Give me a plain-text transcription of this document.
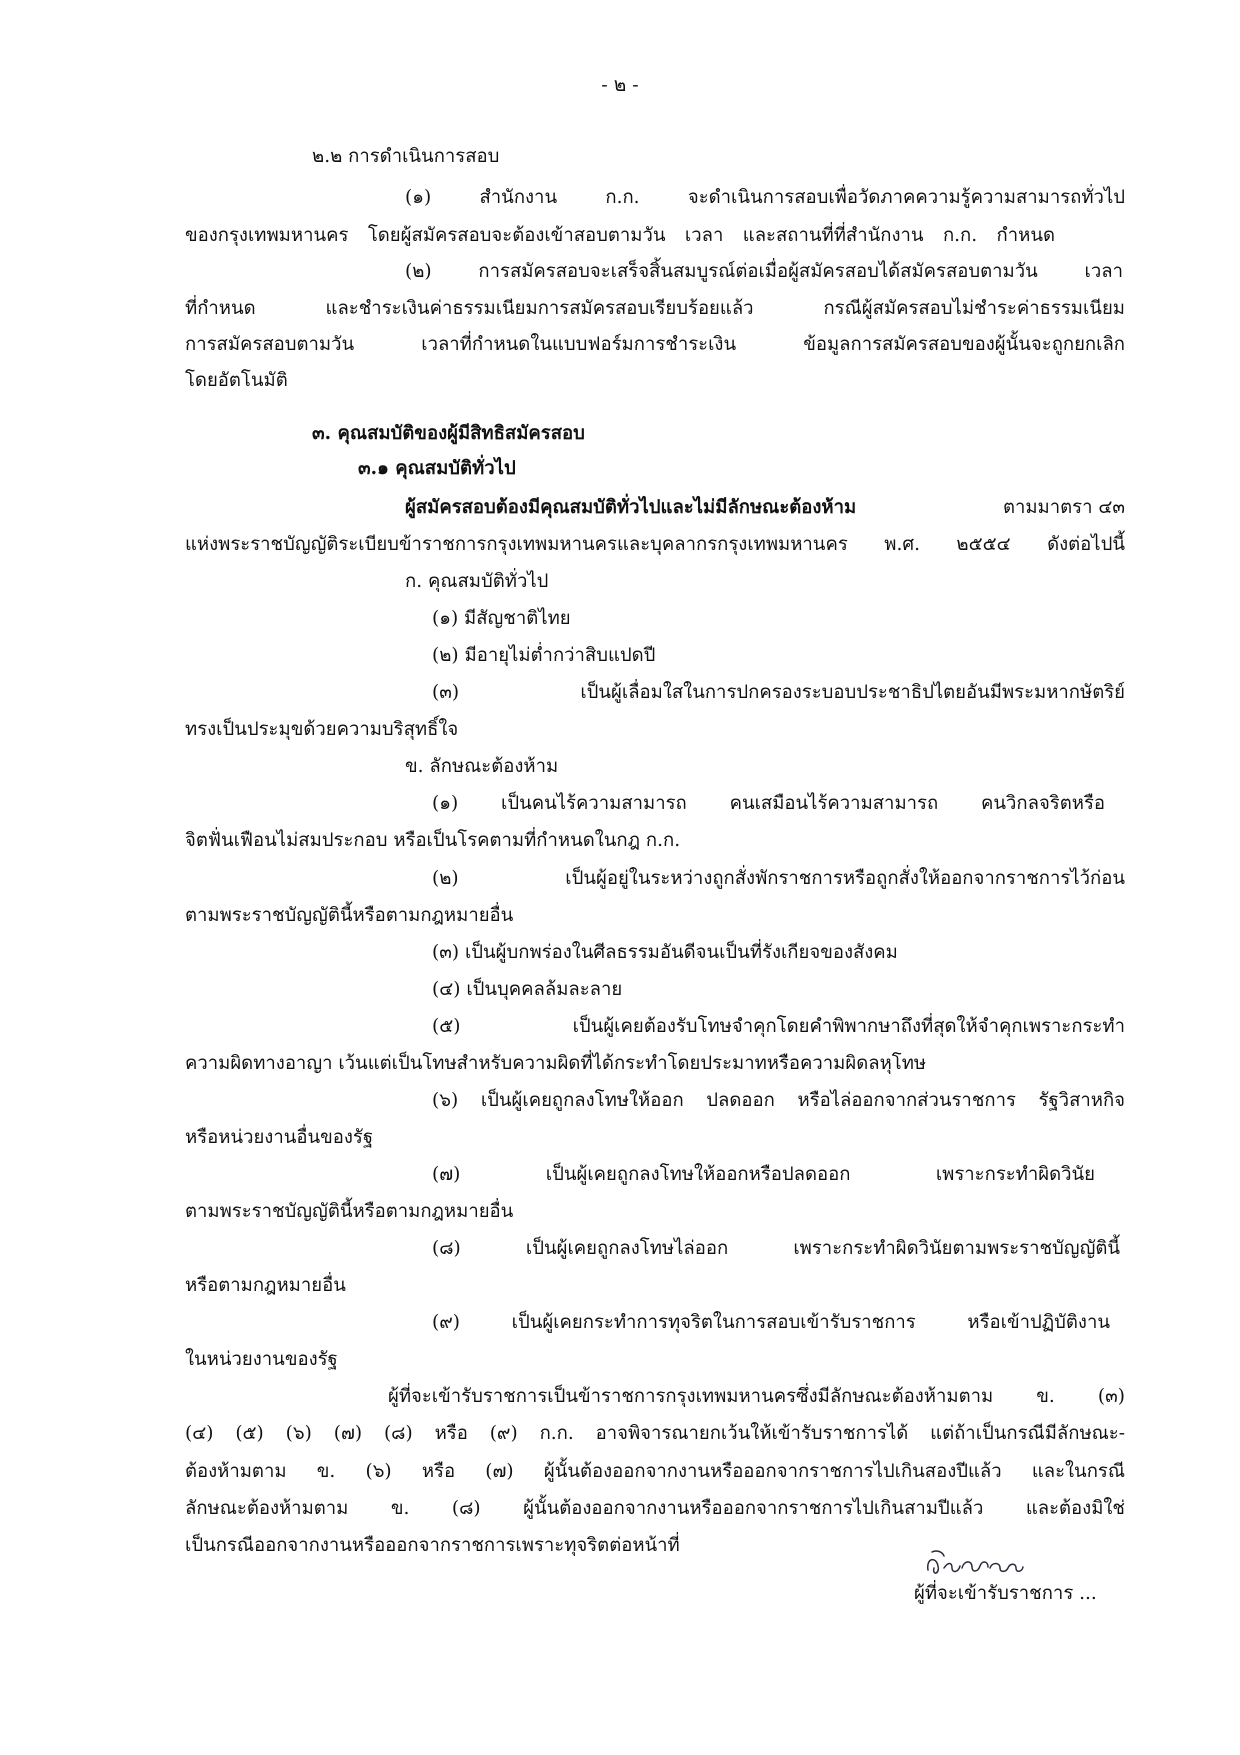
- ๒ -
๒.๒ การดำเนินการสอบ
(๑) สำนักงาน ก.ก. จะดำเนินการสอบเพื่อวัดภาคความรู้ความสามารถทั่วไป
ของกรุงเทพมหานคร โดยผู้สมัครสอบจะต้องเข้าสอบตามวัน เวลา และสถานที่ที่สำนักงาน ก.ก. กำหนด
(๒) การสมัครสอบจะเสร็จสิ้นสมบูรณ์ต่อเมื่อผู้สมัครสอบได้สมัครสอบตามวัน เวลา
ที่กำหนด และชำระเงินค่าธรรมเนียมการสมัครสอบเรียบร้อยแล้ว กรณีผู้สมัครสอบไม่ชำระค่าธรรมเนียม
การสมัครสอบตามวัน เวลาที่กำหนดในแบบฟอร์มการชำระเงิน ข้อมูลการสมัครสอบของผู้นั้นจะถูกยกเลิก
โดยอัตโนมัติ
๓. คุณสมบัติของผู้มีสิทธิสมัครสอบ
๓.๑ คุณสมบัติทั่วไป
ผู้สมัครสอบต้องมีคุณสมบัติทั่วไปและไม่มีลักษณะต้องห้าม	ตามมาตรา ๔๓
แห่งพระราชบัญญัติระเบียบข้าราชการกรุงเทพมหานครและบุคลากรกรุงเทพมหานคร พ.ศ. ๒๕๕๔ ดังต่อไปนี้
ก. คุณสมบัติทั่วไป
(๑) มีสัญชาติไทย
(๒) มีอายุไม่ต่ำกว่าสิบแปดปี
(๓) เป็นผู้เลื่อมใสในการปกครองระบอบประชาธิปไตยอันมีพระมหากษัตริย์
ทรงเป็นประมุขด้วยความบริสุทธิ์ใจ
ข. ลักษณะต้องห้าม
(๑) เป็นคนไร้ความสามารถ คนเสมือนไร้ความสามารถ คนวิกลจริตหรือ
จิตฟั่นเฟือนไม่สมประกอบ หรือเป็นโรคตามที่กำหนดในกฎ ก.ก.
(๒) เป็นผู้อยู่ในระหว่างถูกสั่งพักราชการหรือถูกสั่งให้ออกจากราชการไว้ก่อน
ตามพระราชบัญญัตินี้หรือตามกฎหมายอื่น
(๓) เป็นผู้บกพร่องในศีลธรรมอันดีจนเป็นที่รังเกียจของสังคม
(๔) เป็นบุคคลล้มละลาย
(๕) เป็นผู้เคยต้องรับโทษจำคุกโดยคำพิพากษาถึงที่สุดให้จำคุกเพราะกระทำ
ความผิดทางอาญา เว้นแต่เป็นโทษสำหรับความผิดที่ได้กระทำโดยประมาทหรือความผิดลหุโทษ
(๖) เป็นผู้เคยถูกลงโทษให้ออก ปลดออก หรือไล่ออกจากส่วนราชการ รัฐวิสาหกิจ
หรือหน่วยงานอื่นของรัฐ
(๗) เป็นผู้เคยถูกลงโทษให้ออกหรือปลดออก เพราะกระทำผิดวินัย
ตามพระราชบัญญัตินี้หรือตามกฎหมายอื่น
(๘) เป็นผู้เคยถูกลงโทษไล่ออก เพราะกระทำผิดวินัยตามพระราชบัญญัตินี้
หรือตามกฎหมายอื่น
(๙) เป็นผู้เคยกระทำการทุจริตในการสอบเข้ารับราชการ หรือเข้าปฏิบัติงาน
ในหน่วยงานของรัฐ
ผู้ที่จะเข้ารับราชการเป็นข้าราชการกรุงเทพมหานครซึ่งมีลักษณะต้องห้ามตาม ข. (๓)
(๔) (๕) (๖) (๗) (๘) หรือ (๙) ก.ก. อาจพิจารณายกเว้นให้เข้ารับราชการได้ แต่ถ้าเป็นกรณีมีลักษณะ-
ต้องห้ามตาม ข. (๖) หรือ (๗) ผู้นั้นต้องออกจากงานหรือออกจากราชการไปเกินสองปีแล้ว และในกรณี
ลักษณะต้องห้ามตาม ข. (๘) ผู้นั้นต้องออกจากงานหรือออกจากราชการไปเกินสามปีแล้ว และต้องมิใช่
เป็นกรณีออกจากงานหรือออกจากราชการเพราะทุจริตต่อหน้าที่
ผู้ที่จะเข้ารับราชการ ...
